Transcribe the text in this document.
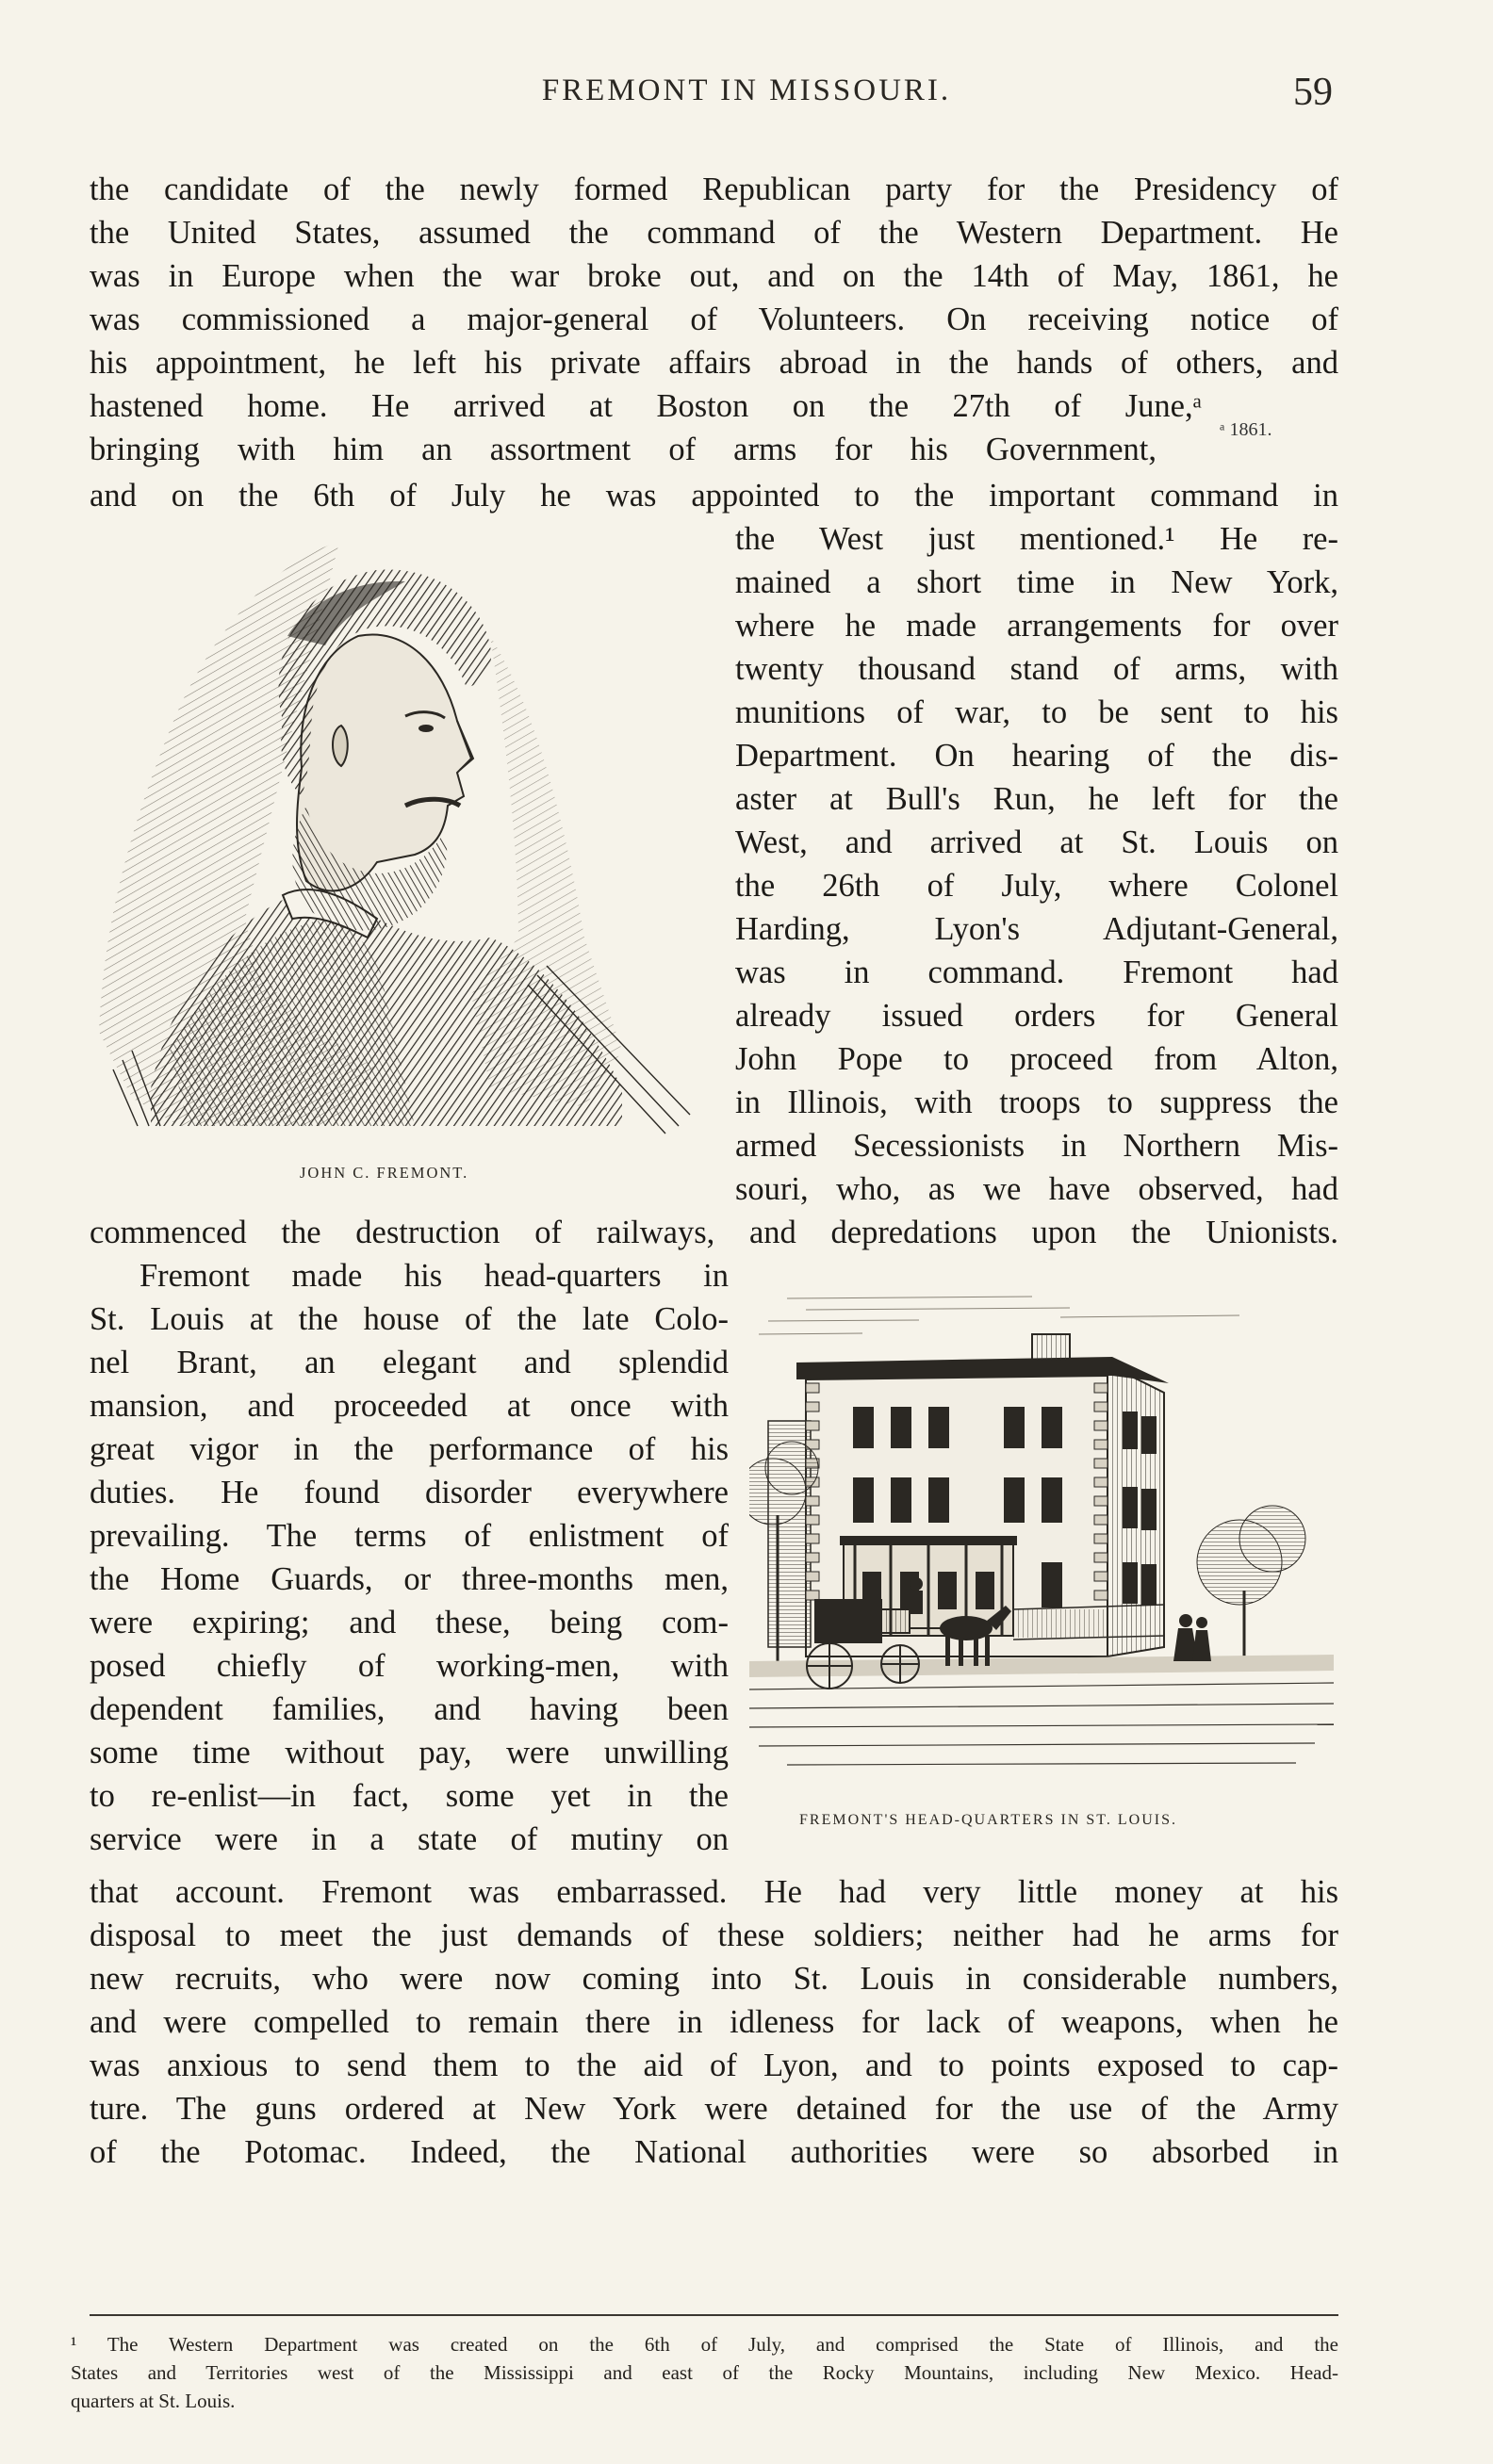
FREMONT IN MISSOURI.	59
the candidate of the newly formed Republican party for the Presidency of
the United States, assumed the command of the Western Department. He
was in Europe when the war broke out, and on the 14th of May, 1861, he
was commissioned a major-general of Volunteers. On receiving notice of
his appointment, he left his private affairs abroad in the hands of others, and
hastened home. He arrived at Boston on the 27th of June,ᵃ
bringing with him an assortment of arms for his Government,
ᵃ 1861.
and on the 6th of July he was appointed to the important command in
JOHN C. FREMONT.
the West just mentioned.¹ He re-
mained a short time in New York,
where he made arrangements for over
twenty thousand stand of arms, with
munitions of war, to be sent to his
Department. On hearing of the dis-
aster at Bull's Run, he left for the
West, and arrived at St. Louis on
the 26th of July, where Colonel
Harding, Lyon's Adjutant-General,
was in command. Fremont had
already issued orders for General
John Pope to proceed from Alton,
in Illinois, with troops to suppress the
armed Secessionists in Northern Mis-
souri, who, as we have observed, had
commenced the destruction of railways, and depredations upon the Unionists.
Fremont made his head-quarters in
St. Louis at the house of the late Colo-
nel Brant, an elegant and splendid
mansion, and proceeded at once with
great vigor in the performance of his
duties. He found disorder everywhere
prevailing. The terms of enlistment of
the Home Guards, or three-months men,
were expiring; and these, being com-
posed chiefly of working-men, with
dependent families, and having been
some time without pay, were unwilling
to re-enlist—in fact, some yet in the
service were in a state of mutiny on
FREMONT'S HEAD-QUARTERS IN ST. LOUIS.
that account. Fremont was embarrassed. He had very little money at his
disposal to meet the just demands of these soldiers; neither had he arms for
new recruits, who were now coming into St. Louis in considerable numbers,
and were compelled to remain there in idleness for lack of weapons, when he
was anxious to send them to the aid of Lyon, and to points exposed to cap-
ture. The guns ordered at New York were detained for the use of the Army
of the Potomac. Indeed, the National authorities were so absorbed in
¹ The Western Department was created on the 6th of July, and comprised the State of Illinois, and the
States and Territories west of the Mississippi and east of the Rocky Mountains, including New Mexico. Head-
quarters at St. Louis.
